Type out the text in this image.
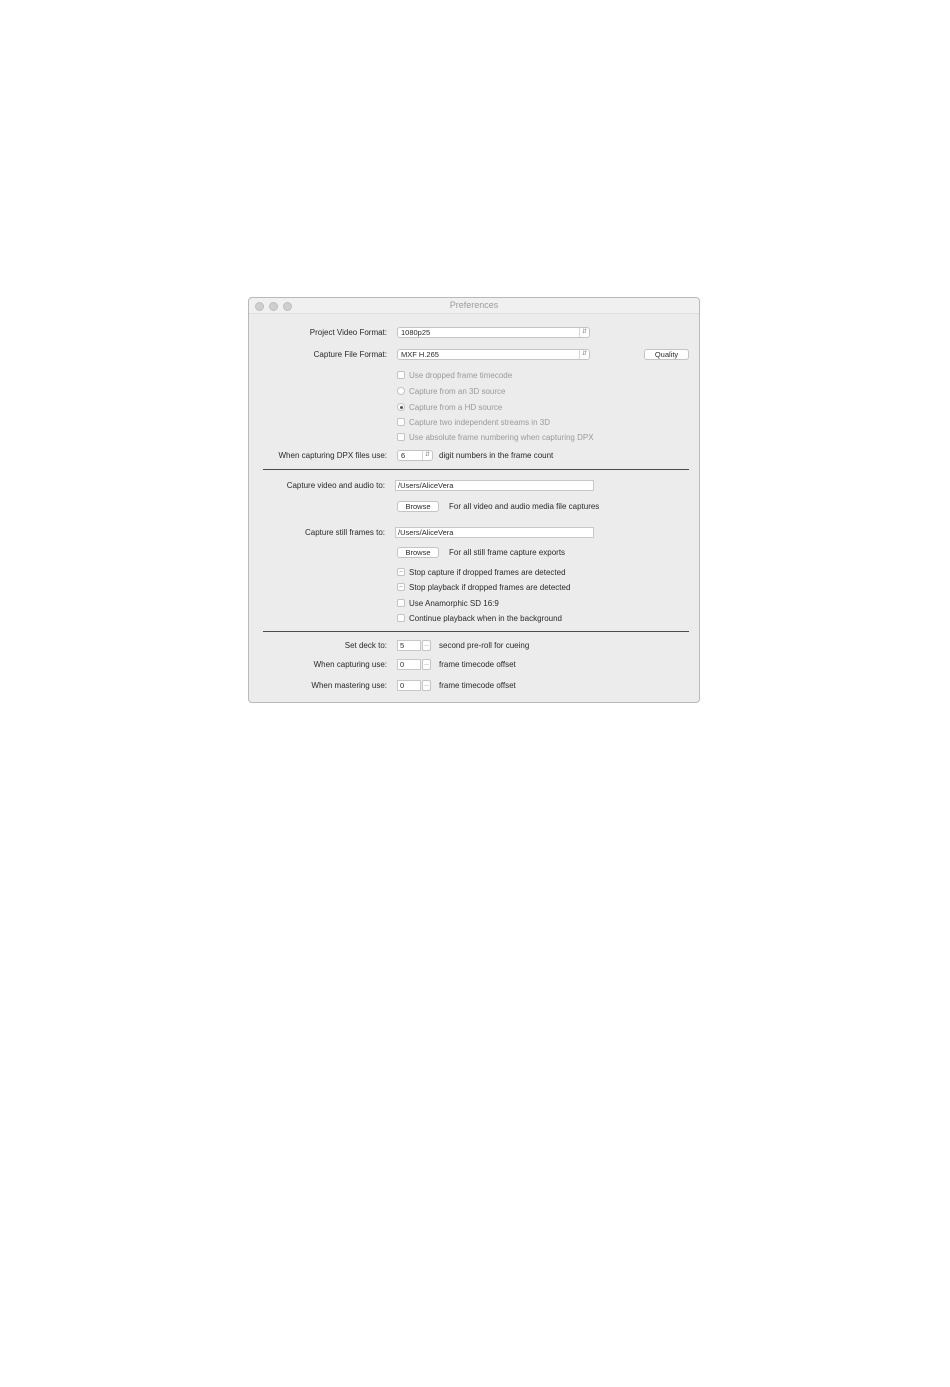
Preferences
Project Video Format: 1080p25	⇵
Capture File Format: MXF H.265	⇵	Quality
Use dropped frame timecode
Capture from an 3D source
Capture from a HD source
Capture two independent streams in 3D
Use absolute frame numbering when capturing DPX
When capturing DPX files use: 6	⇵ digit numbers in the frame count
Capture video and audio to: /Users/AliceVera
Browse	For all video and audio media file captures
Capture still frames to: /Users/AliceVera
Browse	For all still frame capture exports
– Stop capture if dropped frames are detected
– Stop playback if dropped frames are detected
Use Anamorphic SD 16:9
Continue playback when in the background
Set deck to: 5	second pre-roll for cueing
When capturing use: 0	frame timecode offset
When mastering use: 0	frame timecode offset
